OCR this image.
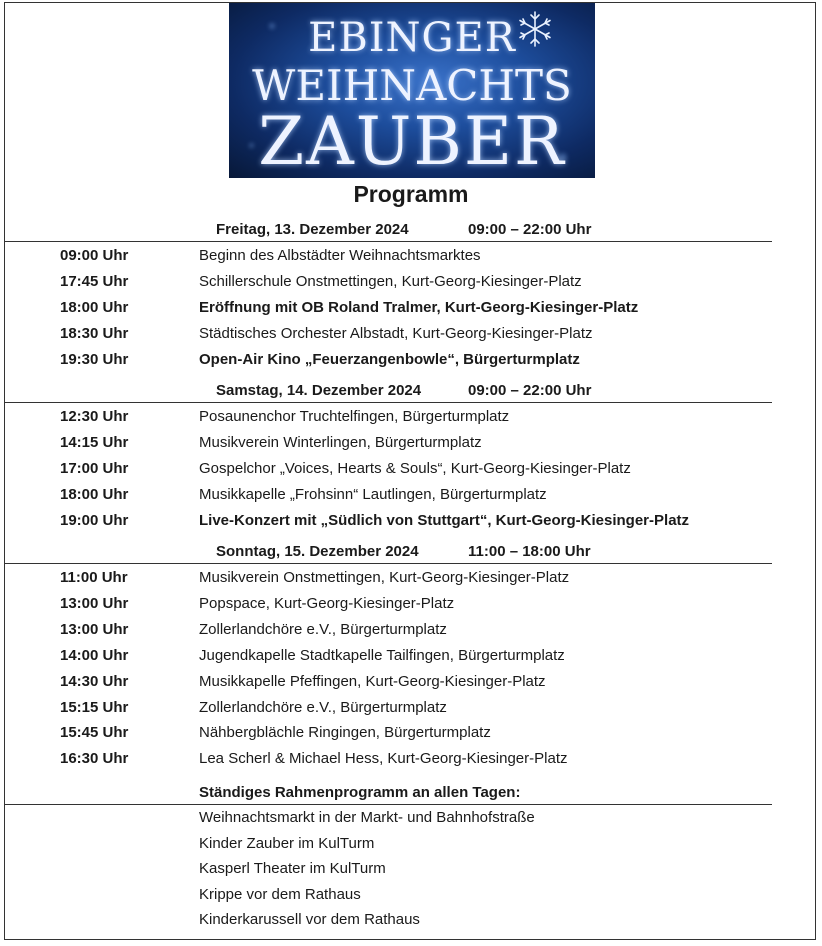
EBINGER
WEIHNACHTS
ZAUBER
Programm
Freitag, 13. Dezember 2024	09:00 – 22:00 Uhr
09:00 Uhr	Beginn des Albstädter Weihnachtsmarktes
17:45 Uhr	Schillerschule Onstmettingen, Kurt-Georg-Kiesinger-Platz
18:00 Uhr	Eröffnung mit OB Roland Tralmer, Kurt-Georg-Kiesinger-Platz
18:30 Uhr	Städtisches Orchester Albstadt, Kurt-Georg-Kiesinger-Platz
19:30 Uhr	Open-Air Kino „Feuerzangenbowle“, Bürgerturmplatz
Samstag, 14. Dezember 2024	09:00 – 22:00 Uhr
12:30 Uhr	Posaunenchor Truchtelfingen, Bürgerturmplatz
14:15 Uhr	Musikverein Winterlingen, Bürgerturmplatz
17:00 Uhr	Gospelchor „Voices, Hearts & Souls“, Kurt-Georg-Kiesinger-Platz
18:00 Uhr	Musikkapelle „Frohsinn“ Lautlingen, Bürgerturmplatz
19:00 Uhr	Live-Konzert mit „Südlich von Stuttgart“, Kurt-Georg-Kiesinger-Platz
Sonntag, 15. Dezember 2024	11:00 – 18:00 Uhr
11:00 Uhr	Musikverein Onstmettingen, Kurt-Georg-Kiesinger-Platz
13:00 Uhr	Popspace, Kurt-Georg-Kiesinger-Platz
13:00 Uhr	Zollerlandchöre e.V., Bürgerturmplatz
14:00 Uhr	Jugendkapelle Stadtkapelle Tailfingen, Bürgerturmplatz
14:30 Uhr	Musikkapelle Pfeffingen, Kurt-Georg-Kiesinger-Platz
15:15 Uhr	Zollerlandchöre e.V., Bürgerturmplatz
15:45 Uhr	Nähbergblächle Ringingen, Bürgerturmplatz
16:30 Uhr	Lea Scherl & Michael Hess, Kurt-Georg-Kiesinger-Platz
Ständiges Rahmenprogramm an allen Tagen:
Weihnachtsmarkt in der Markt- und Bahnhofstraße
Kinder Zauber im KulTurm
Kasperl Theater im KulTurm
Krippe vor dem Rathaus
Kinderkarussell vor dem Rathaus
